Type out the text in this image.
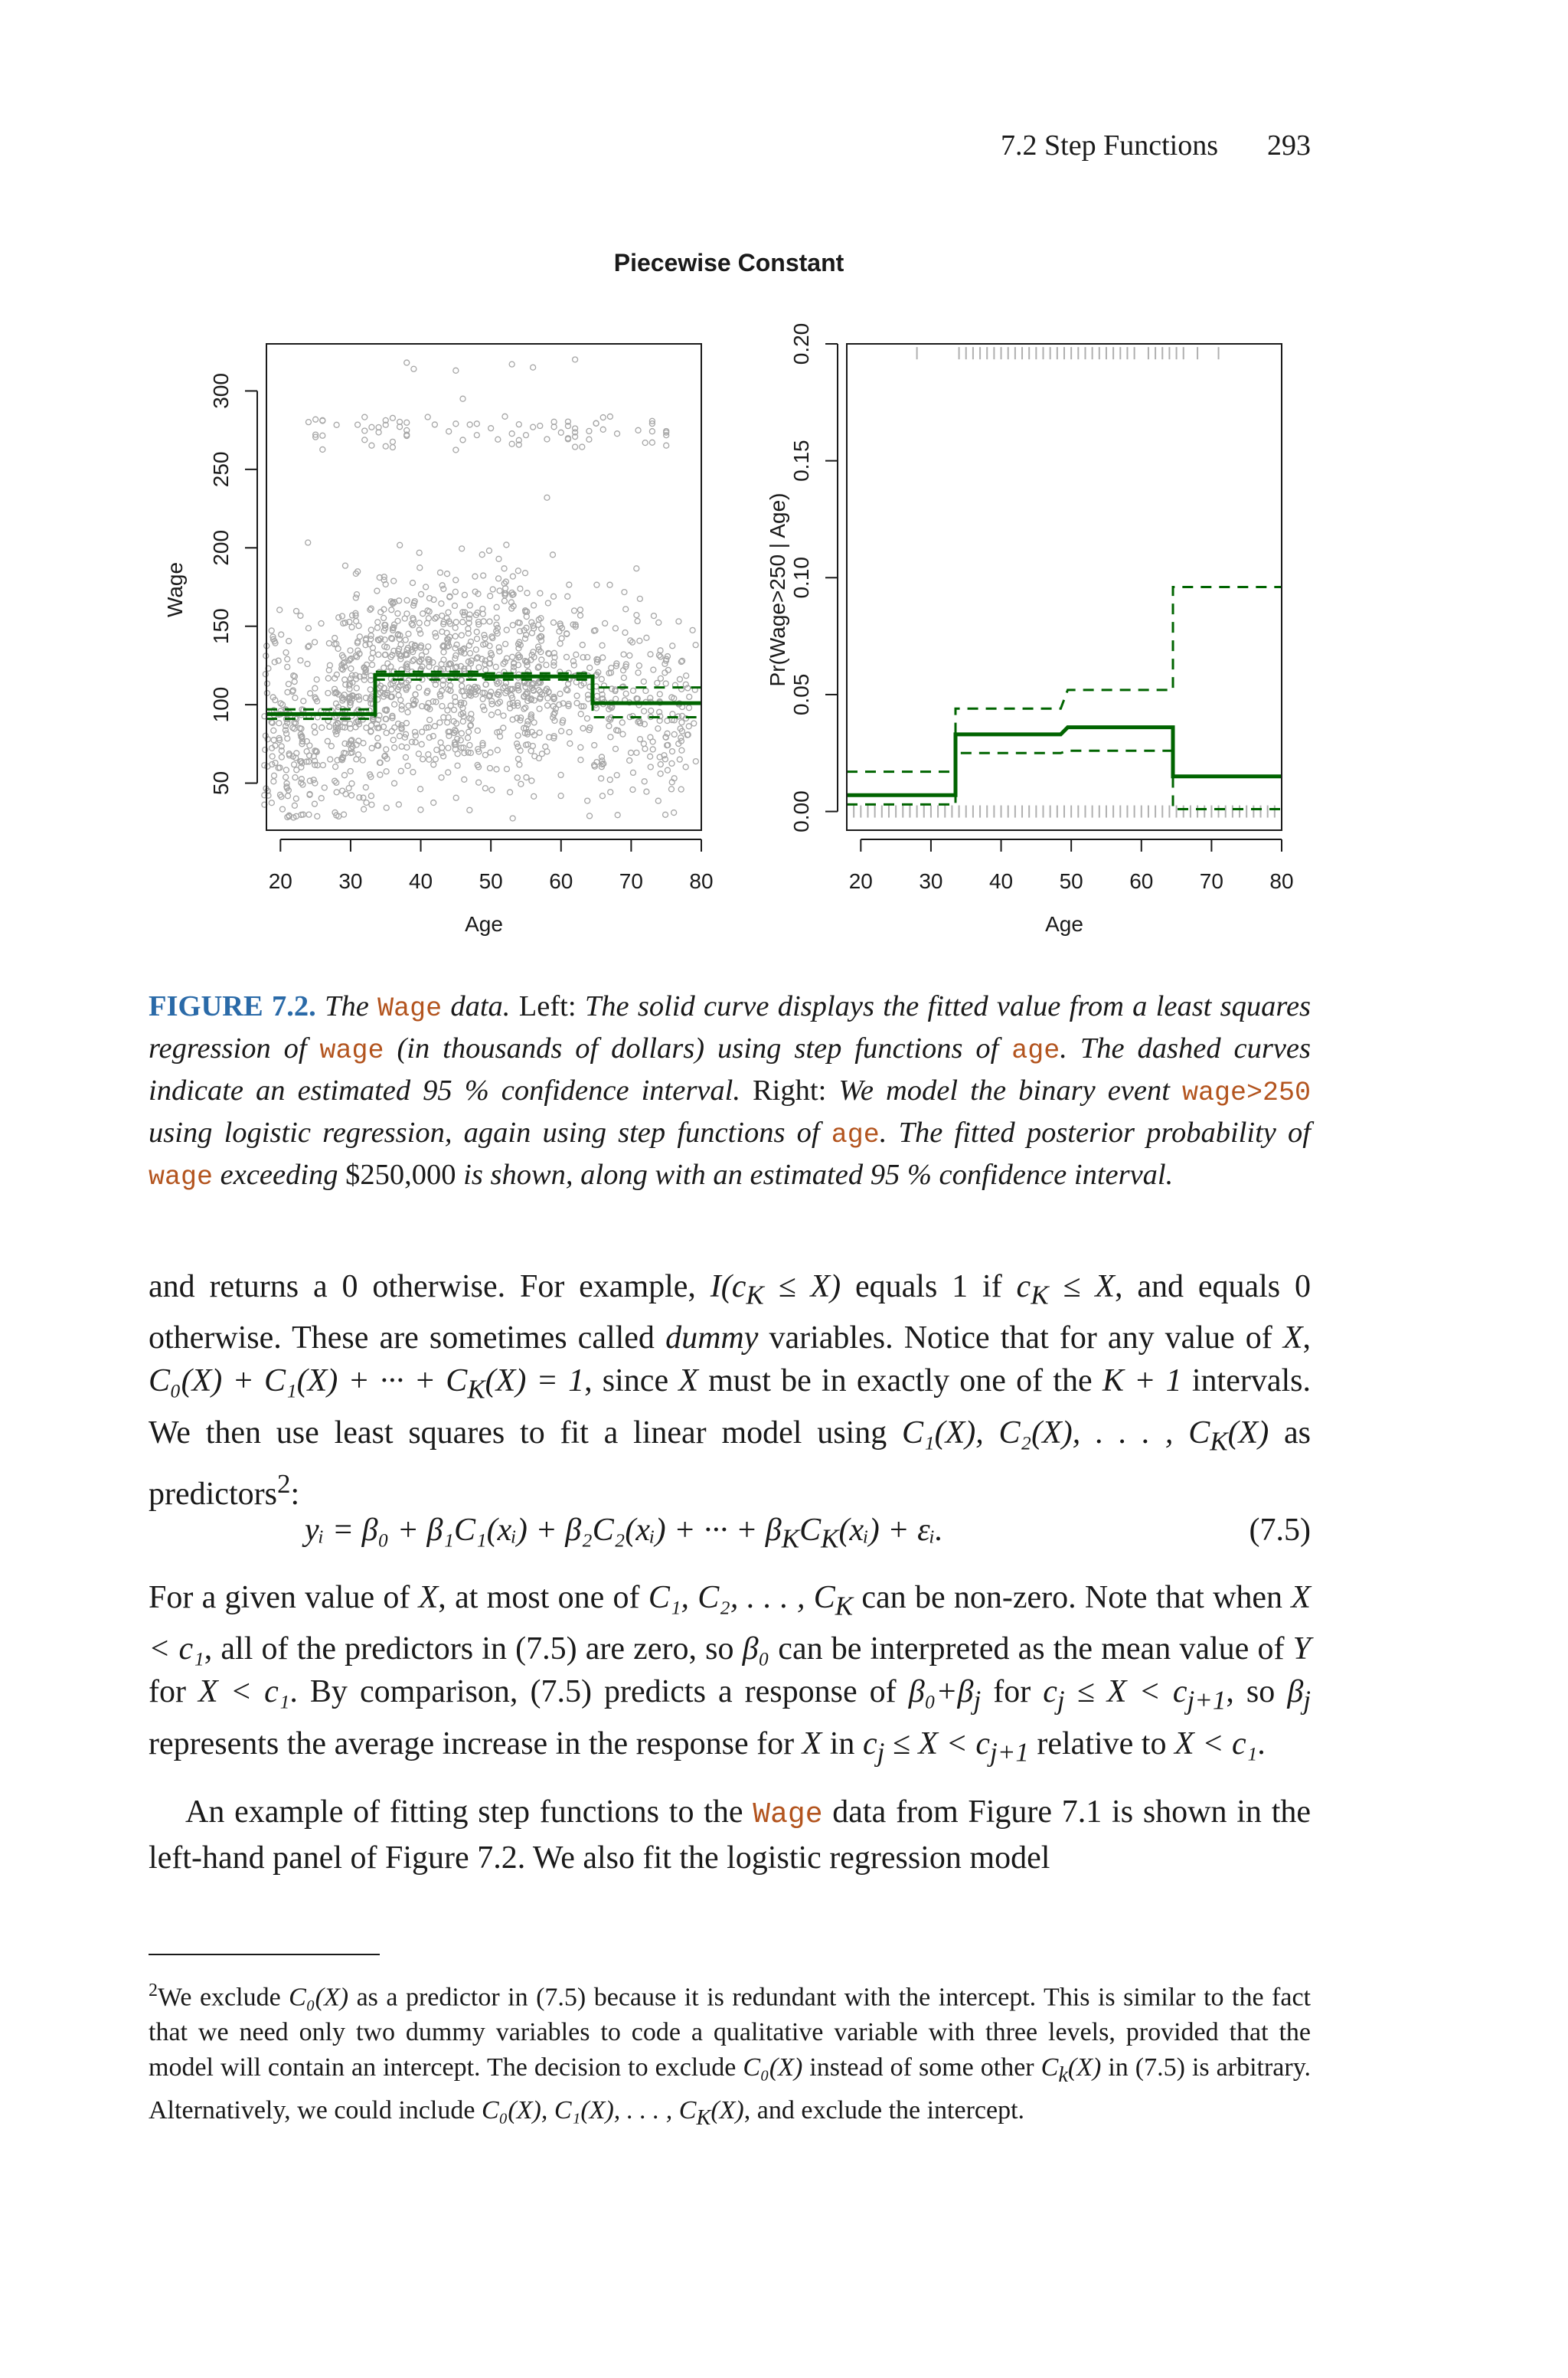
7.2 Step Functions 293
Piecewise Constant
20 30 40 50 60 70 80
50
100
150
200
250
300
Age
Wage
20 30 40 50 60 70 80
0.00
0.05
0.10
0.15
0.20
Age
Pr(Wage>250 | Age)
FIGURE 7.2. The Wage data. Left: The solid curve displays the fitted value from a least squares regression of wage (in thousands of dollars) using step functions of age. The dashed curves indicate an estimated 95 % confidence interval. Right: We model the binary event wage>250 using logistic regression, again using step functions of age. The fitted posterior probability of wage exceeding $250,000 is shown, along with an estimated 95 % confidence interval.
and returns a 0 otherwise. For example, $I(c_K \le X)$ equals 1 if $c_K \le X$, and equals 0 otherwise. These are sometimes called dummy variables. Notice that for any value of X, C₀(X) + C₁(X) + ··· + $C_K(X) = 1$, since X must be in exactly one of the K + 1 intervals. We then use least squares to fit a linear model using C₁(X), C₂(X), . . . , $C_K(X)$ as predictors$^2$:
yᵢ = β₀ + β₁C₁(xᵢ) + β₂C₂(xᵢ) + ··· + $\beta_KC_K(xᵢ)$ + εᵢ.	(7.5)
For a given value of X, at most one of C₁, C₂, . . . , $C_K$ can be non-zero. Note that when X < c₁, all of the predictors in (7.5) are zero, so β₀ can be interpreted as the mean value of Y for X < c₁. By comparison, (7.5) predicts a response of $\beta_0+\beta_j$ for $c_j \le X < c_{j+1}$, so $\beta_j$ represents the average increase in the response for X in $c_j \le X < c_{j+1}$ relative to X < c₁.
An example of fitting step functions to the Wage data from Figure 7.1 is shown in the left-hand panel of Figure 7.2. We also fit the logistic regression model
$^2$We exclude C₀(X) as a predictor in (7.5) because it is redundant with the intercept. This is similar to the fact that we need only two dummy variables to code a qualitative variable with three levels, provided that the model will contain an intercept. The decision to exclude C₀(X) instead of some other $C_k(X)$ in (7.5) is arbitrary. Alternatively, we could include C₀(X), C₁(X), . . . , $C_K(X)$, and exclude the intercept.
